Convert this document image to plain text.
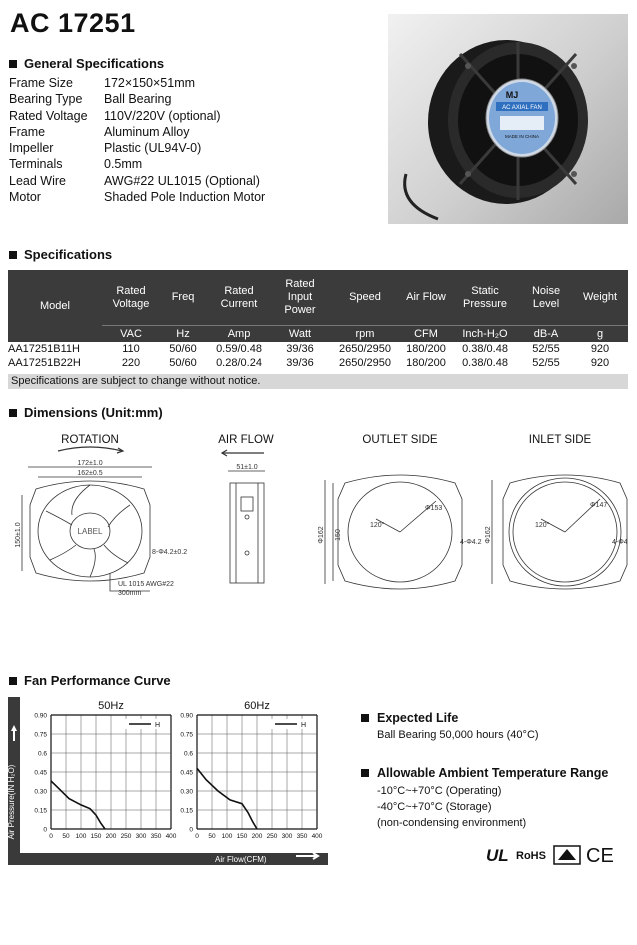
AC 17251
General Specifications
Frame Size	172×150×51mm
Bearing Type	Ball Bearing
Rated Voltage	110V/220V (optional)
Frame	Aluminum Alloy
Impeller	Plastic (UL94V-0)
Terminals	0.5mm
Lead Wire	AWG#22 UL1015 (Optional)
Motor	Shaded Pole Induction Motor
AC AXIAL FAN
MJ
MADE IN CHINA
Specifications
Model	Rated Voltage	Freq	Rated Current	Rated Input Power	Speed	Air Flow	Static Pressure	Noise Level	Weight
	VAC	Hz	Amp	Watt	rpm	CFM	Inch-H₂O	dB-A	g
AA17251B11H	110	50/60	0.59/0.48	39/36	2650/2950	180/200	0.38/0.48	52/55	920
AA17251B22H	220	50/60	0.28/0.24	39/36	2650/2950	180/200	0.38/0.48	52/55	920
Specifications are subject to change without notice.
Dimensions (Unit:mm)
ROTATION	AIR FLOW	OUTLET SIDE	INLET SIDE
172±1.0
162±0.5
LABEL
150±1.0
8-Φ4.2±0.2
UL 1015 AWG#22
300mm
51±1.0
Φ153
120°
Φ162 150
4-Φ4.2
Φ147
120°
Φ162	4-Φ4
Fan Performance Curve
Air Pressure(IN H₂O)
Air Flow(CFM)
50Hz
0.90
0.75
0.6
0.45
0.30
0.15
0
0 50 100 150 200 250 300 350 400
H
60Hz
0.90
0.75
0.6
0.45
0.30
0.15
0
0 50 100 150 200 250 300 350 400
H
Expected Life
Ball Bearing 50,000 hours (40°C)
Allowable Ambient Temperature Range
-10°C~+70°C (Operating)
-40°C~+70°C (Storage)
(non-condensing environment)
UL RoHS CE
